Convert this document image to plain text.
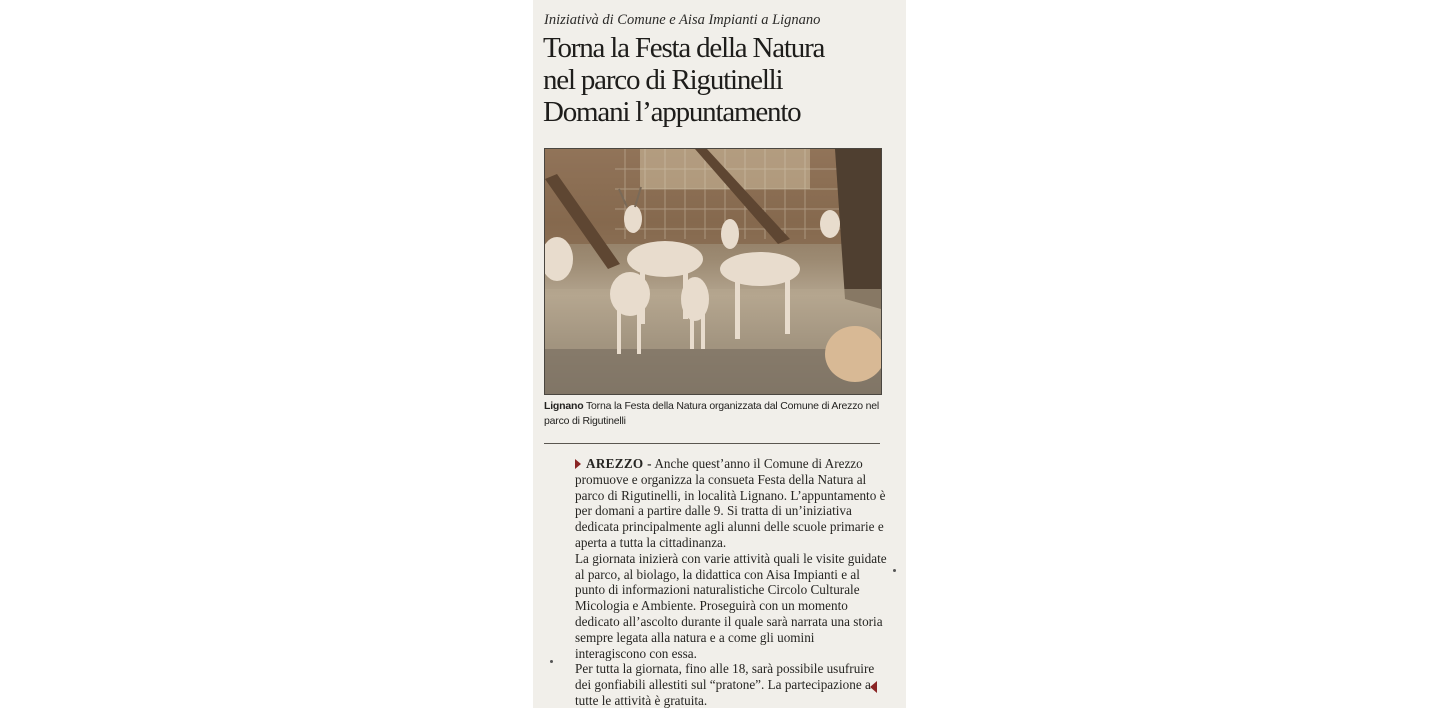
Iniziativà di Comune e Aisa Impianti a Lignano
Torna la Festa della Natura
nel parco di Rigutinelli
Domani l’appuntamento
Lignano Torna la Festa della Natura organizzata dal Comune di Arezzo nel parco di Rigutinelli

AREZZO - Anche quest’anno il Comune di Arezzo promuove e organizza la consueta Festa della Natura al parco di Rigutinelli, in località Lignano. L’appuntamento è per domani a partire dalle 9. Si tratta di un’iniziativa dedicata principalmente agli alunni delle scuole primarie e aperta a tutta la cittadinanza.

La giornata inizierà con varie attività quali le visite guidate al parco, al biolago, la didattica con Aisa Impianti e al punto di informazioni naturalistiche Circolo Culturale Micologia e Ambiente. Proseguirà con un momento dedicato all’ascolto durante il quale sarà narrata una storia sempre legata alla natura e a come gli uomini interagiscono con essa.

Per tutta la giornata, fino alle 18, sarà possibile usufruire dei gonfiabili allestiti sul “pratone”. La partecipazione a tutte le attività è gratuita.
